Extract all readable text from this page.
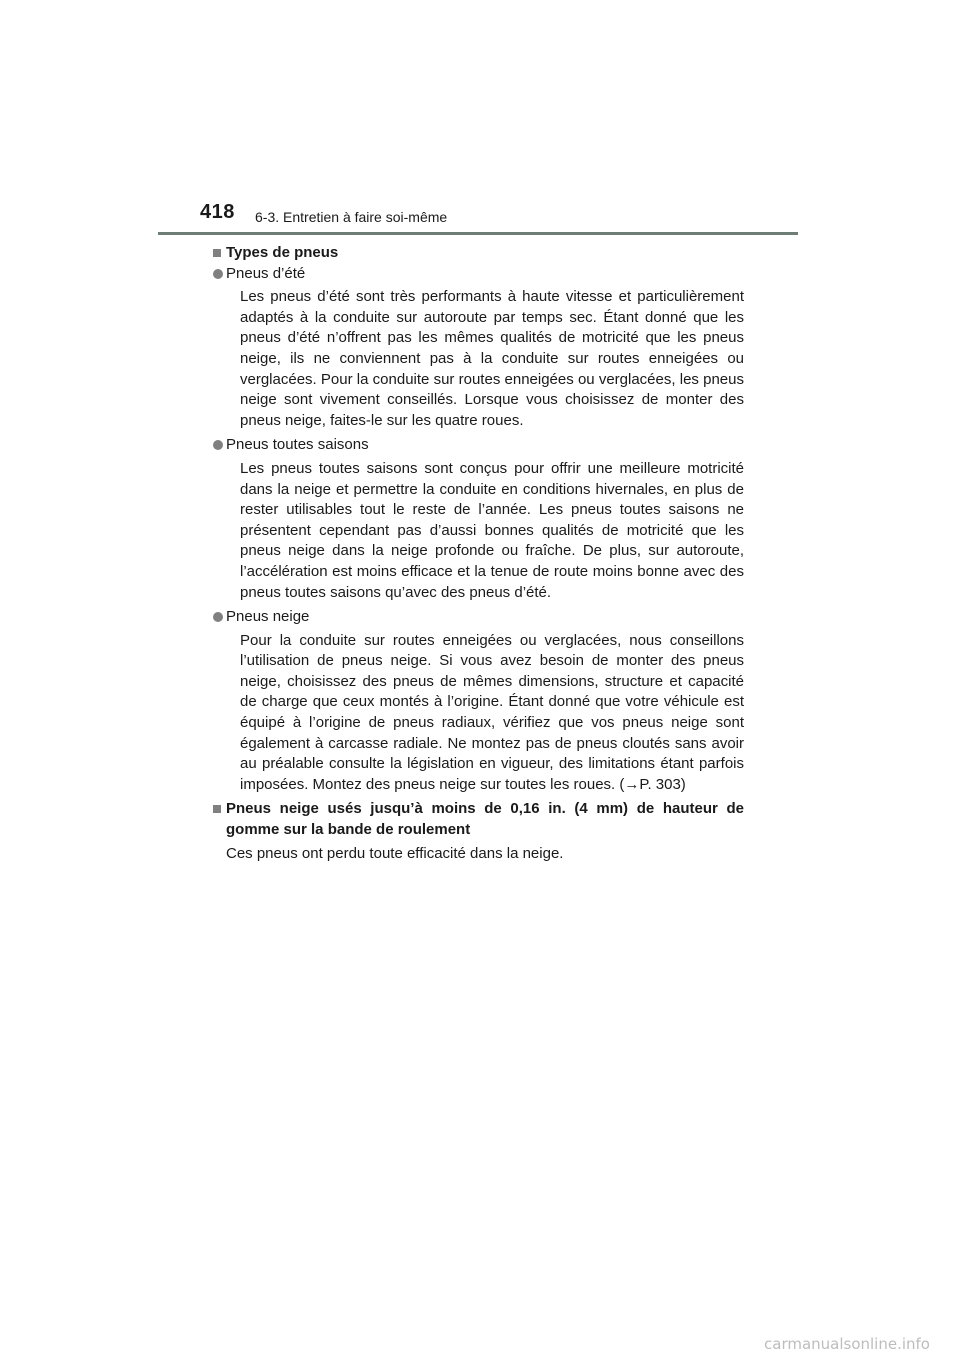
418 6-3. Entretien à faire soi-même
Types de pneus
Pneus d’été
Les pneus d’été sont très performants à haute vitesse et particulièrement adaptés à la conduite sur autoroute par temps sec. Étant donné que les pneus d’été n’offrent pas les mêmes qualités de motricité que les pneus neige, ils ne conviennent pas à la conduite sur routes enneigées ou verglacées. Pour la conduite sur routes enneigées ou verglacées, les pneus neige sont vivement conseillés. Lorsque vous choisissez de monter des pneus neige, faites-le sur les quatre roues.
Pneus toutes saisons
Les pneus toutes saisons sont conçus pour offrir une meilleure motricité dans la neige et permettre la conduite en conditions hivernales, en plus de rester utilisables tout le reste de l’année. Les pneus toutes saisons ne présentent cependant pas d’aussi bonnes qualités de motricité que les pneus neige dans la neige profonde ou fraîche. De plus, sur autoroute, l’accélération est moins efficace et la tenue de route moins bonne avec des pneus toutes saisons qu’avec des pneus d’été.
Pneus neige
Pour la conduite sur routes enneigées ou verglacées, nous conseillons l’utilisation de pneus neige. Si vous avez besoin de monter des pneus neige, choisissez des pneus de mêmes dimensions, structure et capacité de charge que ceux montés à l’origine. Étant donné que votre véhicule est équipé à l’origine de pneus radiaux, vérifiez que vos pneus neige sont également à carcasse radiale. Ne montez pas de pneus cloutés sans avoir au préalable consulte la législation en vigueur, des limitations étant parfois imposées. Montez des pneus neige sur toutes les roues. (→P. 303)
Pneus neige usés jusqu’à moins de 0,16 in. (4 mm) de hauteur de gomme sur la bande de roulement
Ces pneus ont perdu toute efficacité dans la neige.
carmanualsonline.info
